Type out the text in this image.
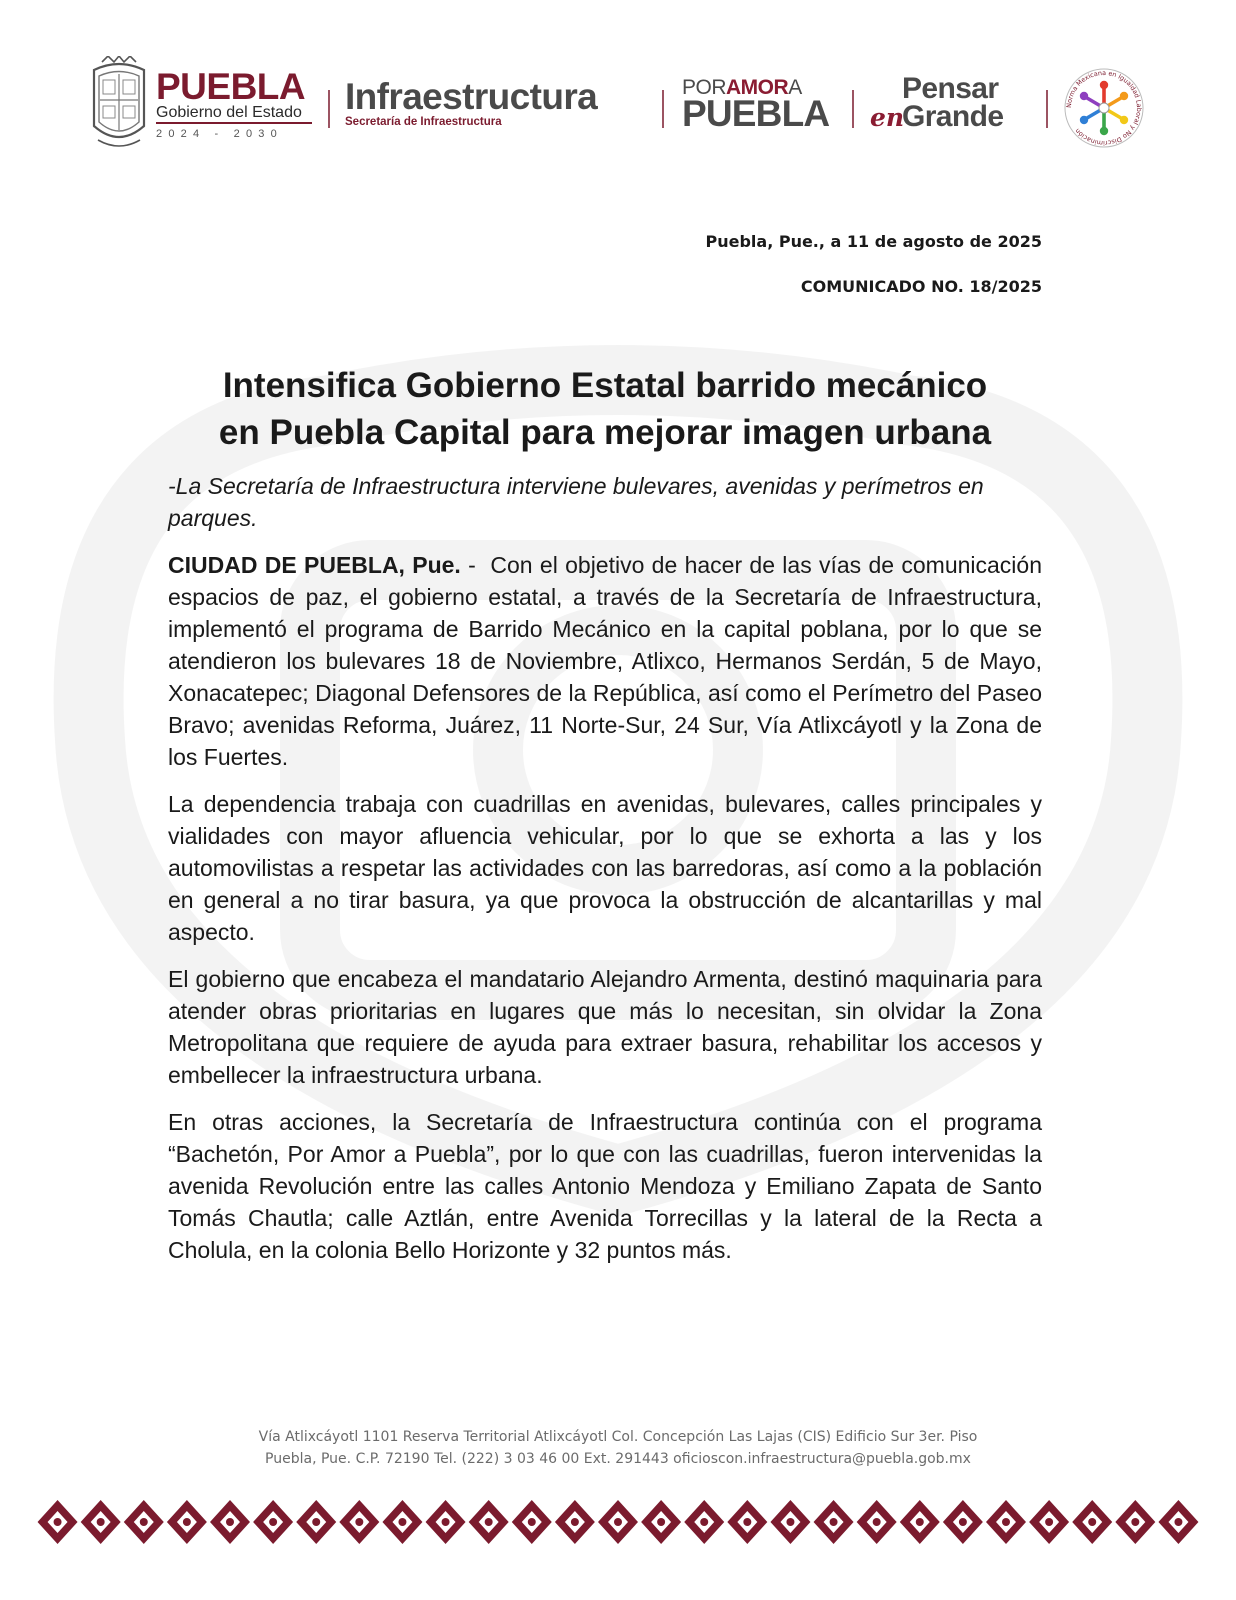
PUEBLA
Gobierno del Estado
2024 - 2030
Infraestructura
Secretaría de Infraestructura
PORAMORA
PUEBLA
Pensar
en
Grande	Norma Mexicana en Igualdad Laboral y No Discriminación
Puebla, Pue., a 11 de agosto de 2025
COMUNICADO NO. 18/2025
Intensifica Gobierno Estatal barrido mecánico
en Puebla Capital para mejorar imagen urbana

-La Secretaría de Infraestructura interviene bulevares, avenidas y perímetros en parques.

CIUDAD DE PUEBLA, Pue. -  Con el objetivo de hacer de las vías de comunicación espacios de paz, el gobierno estatal, a través de la Secretaría de Infraestructura, implementó el programa de Barrido Mecánico en la capital poblana, por lo que se atendieron los bulevares 18 de Noviembre, Atlixco, Hermanos Serdán, 5 de Mayo, Xonacatepec; Diagonal Defensores de la República, así como el Perímetro del Paseo Bravo; avenidas Reforma, Juárez, 11 Norte-Sur, 24 Sur, Vía Atlixcáyotl y la Zona de los Fuertes.

La dependencia trabaja con cuadrillas en avenidas, bulevares, calles principales y vialidades con mayor afluencia vehicular, por lo que se exhorta a las y los automovilistas a respetar las actividades con las barredoras, así como a la población en general a no tirar basura, ya que provoca la obstrucción de alcantarillas y mal aspecto.

El gobierno que encabeza el mandatario Alejandro Armenta, destinó maquinaria para atender obras prioritarias en lugares que más lo necesitan, sin olvidar la Zona Metropolitana que requiere de ayuda para extraer basura, rehabilitar los accesos y embellecer la infraestructura urbana.

En otras acciones, la Secretaría de Infraestructura continúa con el programa “Bachetón, Por Amor a Puebla”, por lo que con las cuadrillas, fueron intervenidas la avenida Revolución entre las calles Antonio Mendoza y Emiliano Zapata de Santo Tomás Chautla; calle Aztlán, entre Avenida Torrecillas y la lateral de la Recta a Cholula, en la colonia Bello Horizonte y 32 puntos más.

Vía Atlixcáyotl 1101 Reserva Territorial Atlixcáyotl Col. Concepción Las Lajas (CIS) Edificio Sur 3er. Piso
Puebla, Pue. C.P. 72190 Tel. (222) 3 03 46 00 Ext. 291443 oficioscon.infraestructura@puebla.gob.mx
